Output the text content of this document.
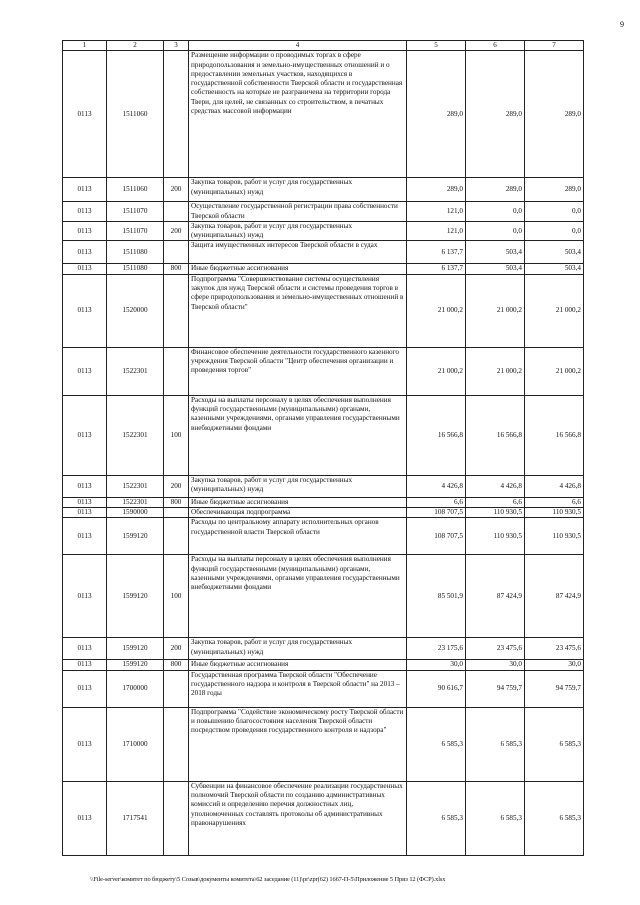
9
1	2	3	4	5	6	7
0113	1511060		Размещение информации о проводимых торгах в сфере природопользования и земельно-имущественных отношений и о предоставлении земельных участков, находящихся в государственной собственности Тверской области и государственная собственность на которые не разграничена на территории города Твери, для целей, не связанных со строительством, в печатных средствах массовой информации	289,0	289,0	289,0
0113	1511060	200	Закупка товаров, работ и услуг для государственных (муниципальных) нужд	289,0	289,0	289,0
0113	1511070		Осуществление государственной регистрации права собственности Тверской области	121,0	0,0	0,0
0113	1511070	200	Закупка товаров, работ и услуг для государственных (муниципальных) нужд	121,0	0,0	0,0
0113	1511080		Защита имущественных интересов Тверской области в судах	6 137,7	503,4	503,4
0113	1511080	800	Иные бюджетные ассигнования	6 137,7	503,4	503,4
0113	1520000		Подпрограмма "Совершенствование системы осуществления закупок для нужд Тверской области и системы проведения торгов в сфере природопользования и земельно-имущественных отношений в Тверской области"	21 000,2	21 000,2	21 000,2
0113	1522301		Финансовое обеспечение деятельности государственного казенного учреждения Тверской области "Центр обеспечения организации и проведения торгов"	21 000,2	21 000,2	21 000,2
0113	1522301	100	Расходы на выплаты персоналу в целях обеспечения выполнения функций государственными (муниципальными) органами, казенными учреждениями, органами управления государственными внебюджетными фондами	16 566,8	16 566,8	16 566,8
0113	1522301	200	Закупка товаров, работ и услуг для государственных (муниципальных) нужд	4 426,8	4 426,8	4 426,8
0113	1522301	800	Иные бюджетные ассигнования	6,6	6,6	6,6
0113	1590000		Обеспечивающая подпрограмма	108 707,5	110 930,5	110 930,5
0113	1599120		Расходы по центральному аппарату исполнительных органов государственной власти Тверской области	108 707,5	110 930,5	110 930,5
0113	1599120	100	Расходы на выплаты персоналу в целях обеспечения выполнения функций государственными (муниципальными) органами, казенными учреждениями, органами управления государственными внебюджетными фондами	85 501,9	87 424,9	87 424,9
0113	1599120	200	Закупка товаров, работ и услуг для государственных (муниципальных) нужд	23 175,6	23 475,6	23 475,6
0113	1599120	800	Иные бюджетные ассигнования	30,0	30,0	30,0
0113	1700000		Государственная программа Тверской области "Обеспечение государственного надзора и контроля в Тверской области" на 2013 – 2018 годы	90 616,7	94 759,7	94 759,7
0113	1710000		Подпрограмма "Содействие экономическому росту Тверской области и повышению благосостояния населения Тверской области посредством проведения государственного контроля и надзора"	6 585,3	6 585,3	6 585,3
0113	1717541		Субвенции на финансовое обеспечение реализации государственных полномочий Тверской области по созданию административных комиссий и определению перечня должностных лиц, уполномоченных составлять протоколы об административных правонарушениях	6 585,3	6 585,3	6 585,3
\\File-server\комитет по бюджету\5 Созыв\документы комитета\62 заседание (11)\pr\zpr(62) 1667-П-5\Приложение 5 Приз 12 (ФСР).xlsx
